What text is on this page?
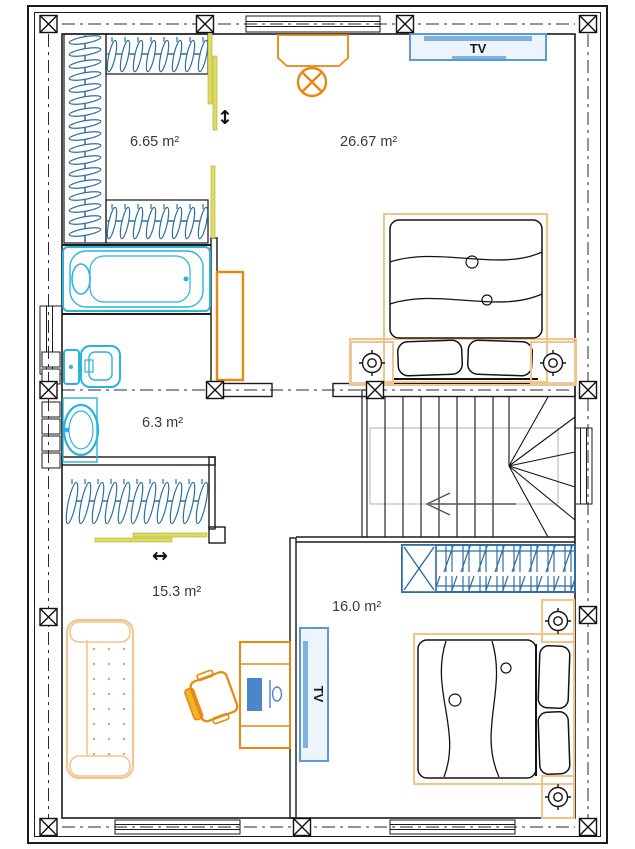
↕
6.65 m²
6.3 m²
TV
26.67 m²
↔
15.3 m²
TV
16.0 m²
